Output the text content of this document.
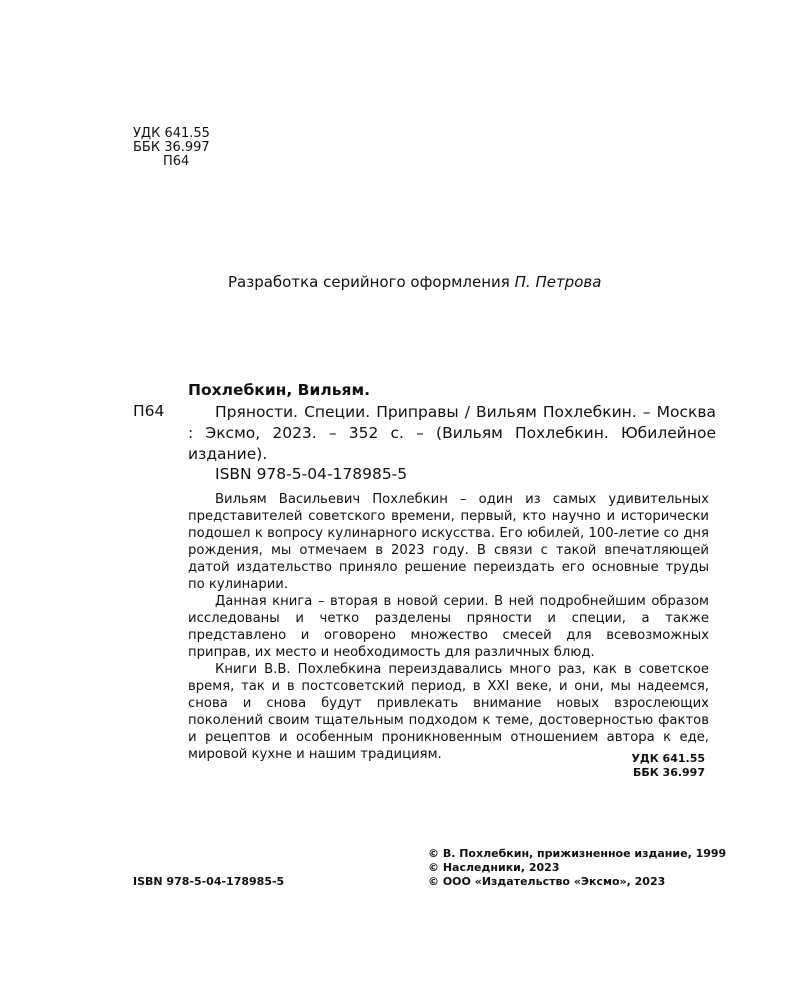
УДК 641.55
ББК 36.997
П64
Разработка серийного оформления П. Петрова
Похлебкин, Вильям.
П64	Пряности. Специи. Приправы / Вильям Похлебкин. – Москва : Эксмо, 2023. – 352 с. – (Вильям Похлебкин. Юбилейное издание).

ISBN 978-5-04-178985-5

Вильям Васильевич Похлебкин – один из самых удивительных представителей советского времени, первый, кто научно и исторически подошел к вопросу кулинарного искусства. Его юбилей, 100-летие со дня рождения, мы отмечаем в 2023 году. В связи с такой впечатляющей датой издательство приняло решение переиздать его основные труды по кулинарии.

Данная книга – вторая в новой серии. В ней подробнейшим образом исследованы и четко разделены пряности и специи, а также представлено и оговорено множество смесей для всевозможных приправ, их место и необходимость для различных блюд.

Книги В.В. Похлебкина переиздавались много раз, как в советское время, так и в постсоветский период, в XXI веке, и они, мы надеемся, снова и снова будут привлекать внимание новых взрослеющих поколений своим тщательным подходом к теме, достоверностью фактов и рецептов и особенным проникновенным отношением автора к еде, мировой кухне и нашим традициям.	УДК 641.55
ББК 36.997
ISBN 978-5-04-178985-5
© В. Похлебкин, прижизненное издание, 1999
© Наследники, 2023
© ООО «Издательство «Эксмо», 2023
